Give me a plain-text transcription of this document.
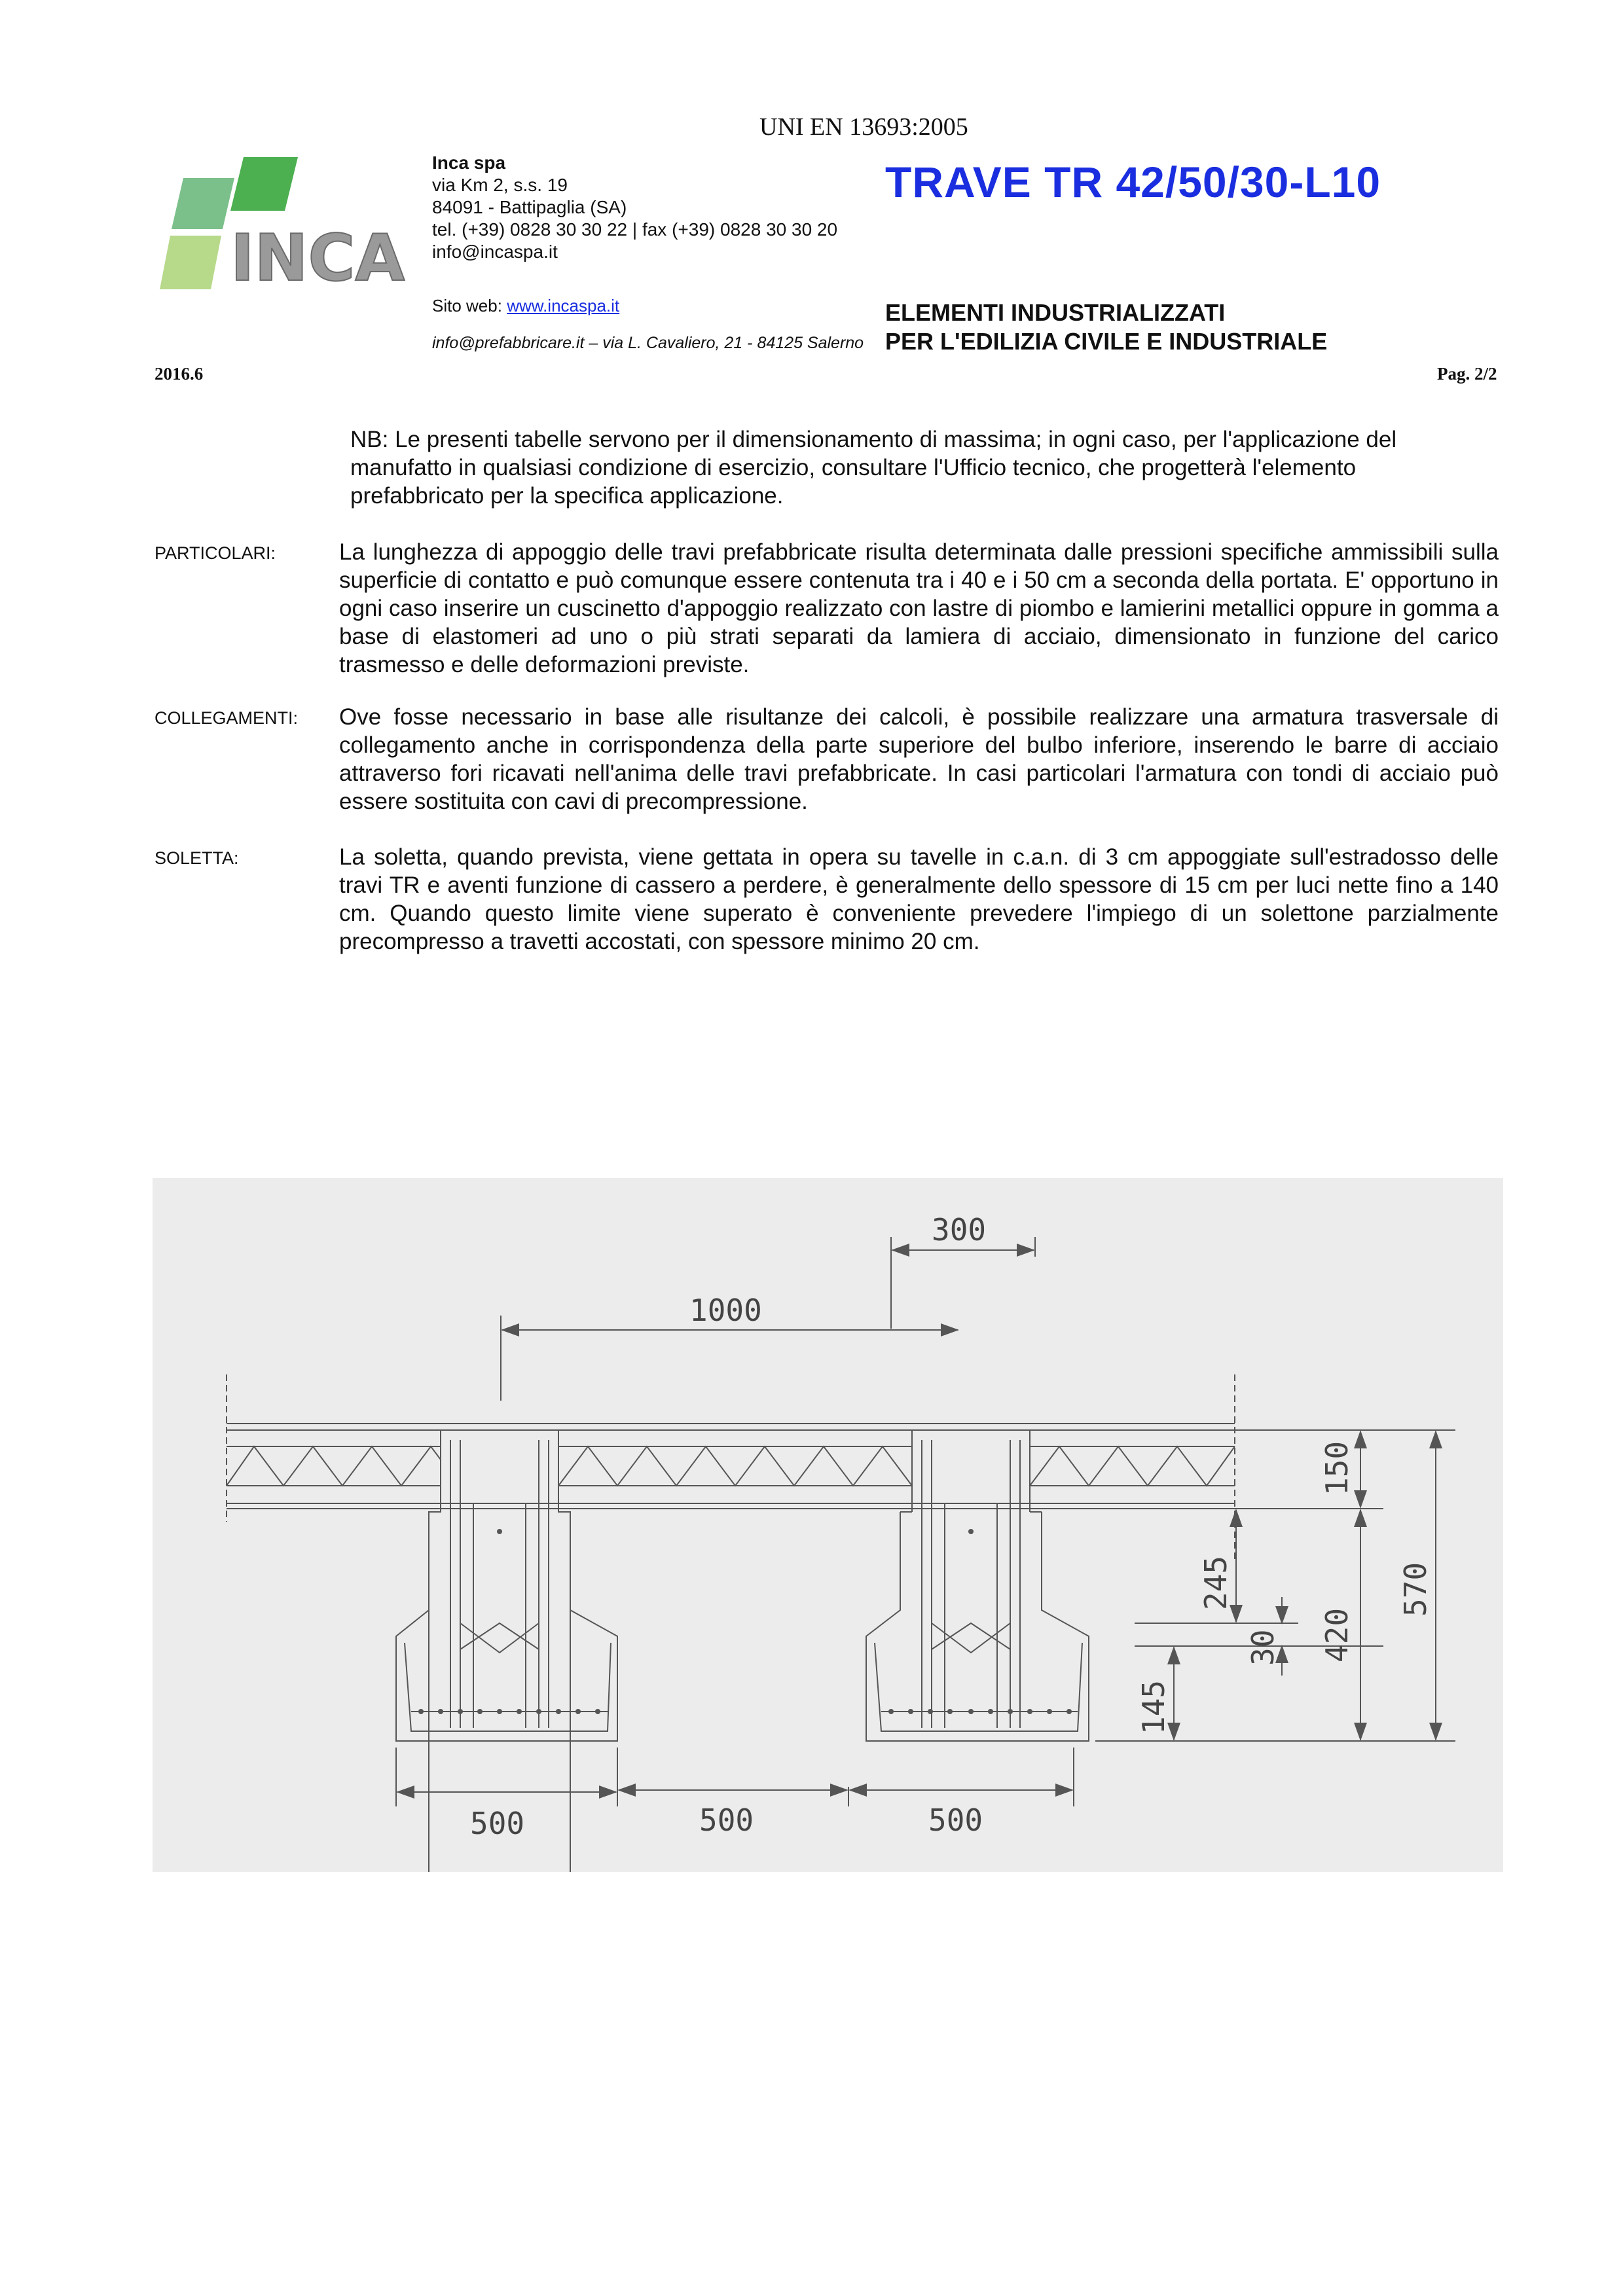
UNI EN 13693:2005
INCA
Inca spa
via Km 2, s.s. 19
84091 - Battipaglia (SA)
tel. (+39) 0828 30 30 22 | fax (+39) 0828 30 30 20
info@incaspa.it
TRAVE TR 42/50/30-L10
Sito web: www.incaspa.it
info@prefabbricare.it – via L. Cavaliero, 21 - 84125 Salerno
ELEMENTI INDUSTRIALIZZATI
PER L'EDILIZIA CIVILE E INDUSTRIALE
2016.6	Pag. 2/2
NB: Le presenti tabelle servono per il dimensionamento di massima; in ogni caso, per l'applicazione del manufatto in qualsiasi condizione di esercizio, consultare l'Ufficio tecnico, che progetterà l'elemento prefabbricato per la specifica applicazione.
PARTICOLARI:	La lunghezza di appoggio delle travi prefabbricate risulta determinata dalle pressioni specifiche ammissibili sulla superficie di contatto e può comunque essere contenuta tra i 40 e i 50 cm a seconda della portata. E' opportuno in ogni caso inserire un cuscinetto d'appoggio realizzato con lastre di piombo e lamierini metallici oppure in gomma a base di elastomeri ad uno o più strati separati da lamiera di acciaio, dimensionato in funzione del carico trasmesso e delle deformazioni previste.
COLLEGAMENTI: Ove fosse necessario in base alle risultanze dei calcoli, è possibile realizzare una armatura trasversale di collegamento anche in corrispondenza della parte superiore del bulbo inferiore, inserendo le barre di acciaio attraverso fori ricavati nell'anima delle travi prefabbricate. In casi particolari l'armatura con tondi di acciaio può essere sostituita con cavi di precompressione.
SOLETTA:	La soletta, quando prevista, viene gettata in opera su tavelle in c.a.n. di 3 cm appoggiate sull'estradosso delle travi TR e aventi funzione di cassero a perdere, è generalmente dello spessore di 15 cm per luci nette fino a 140 cm. Quando questo limite viene superato è conveniente prevedere l'impiego di un solettone parzialmente precompresso a travetti accostati, con spessore minimo 20 cm.
300
1000
500	500	500
150
420
570
245
30
145
